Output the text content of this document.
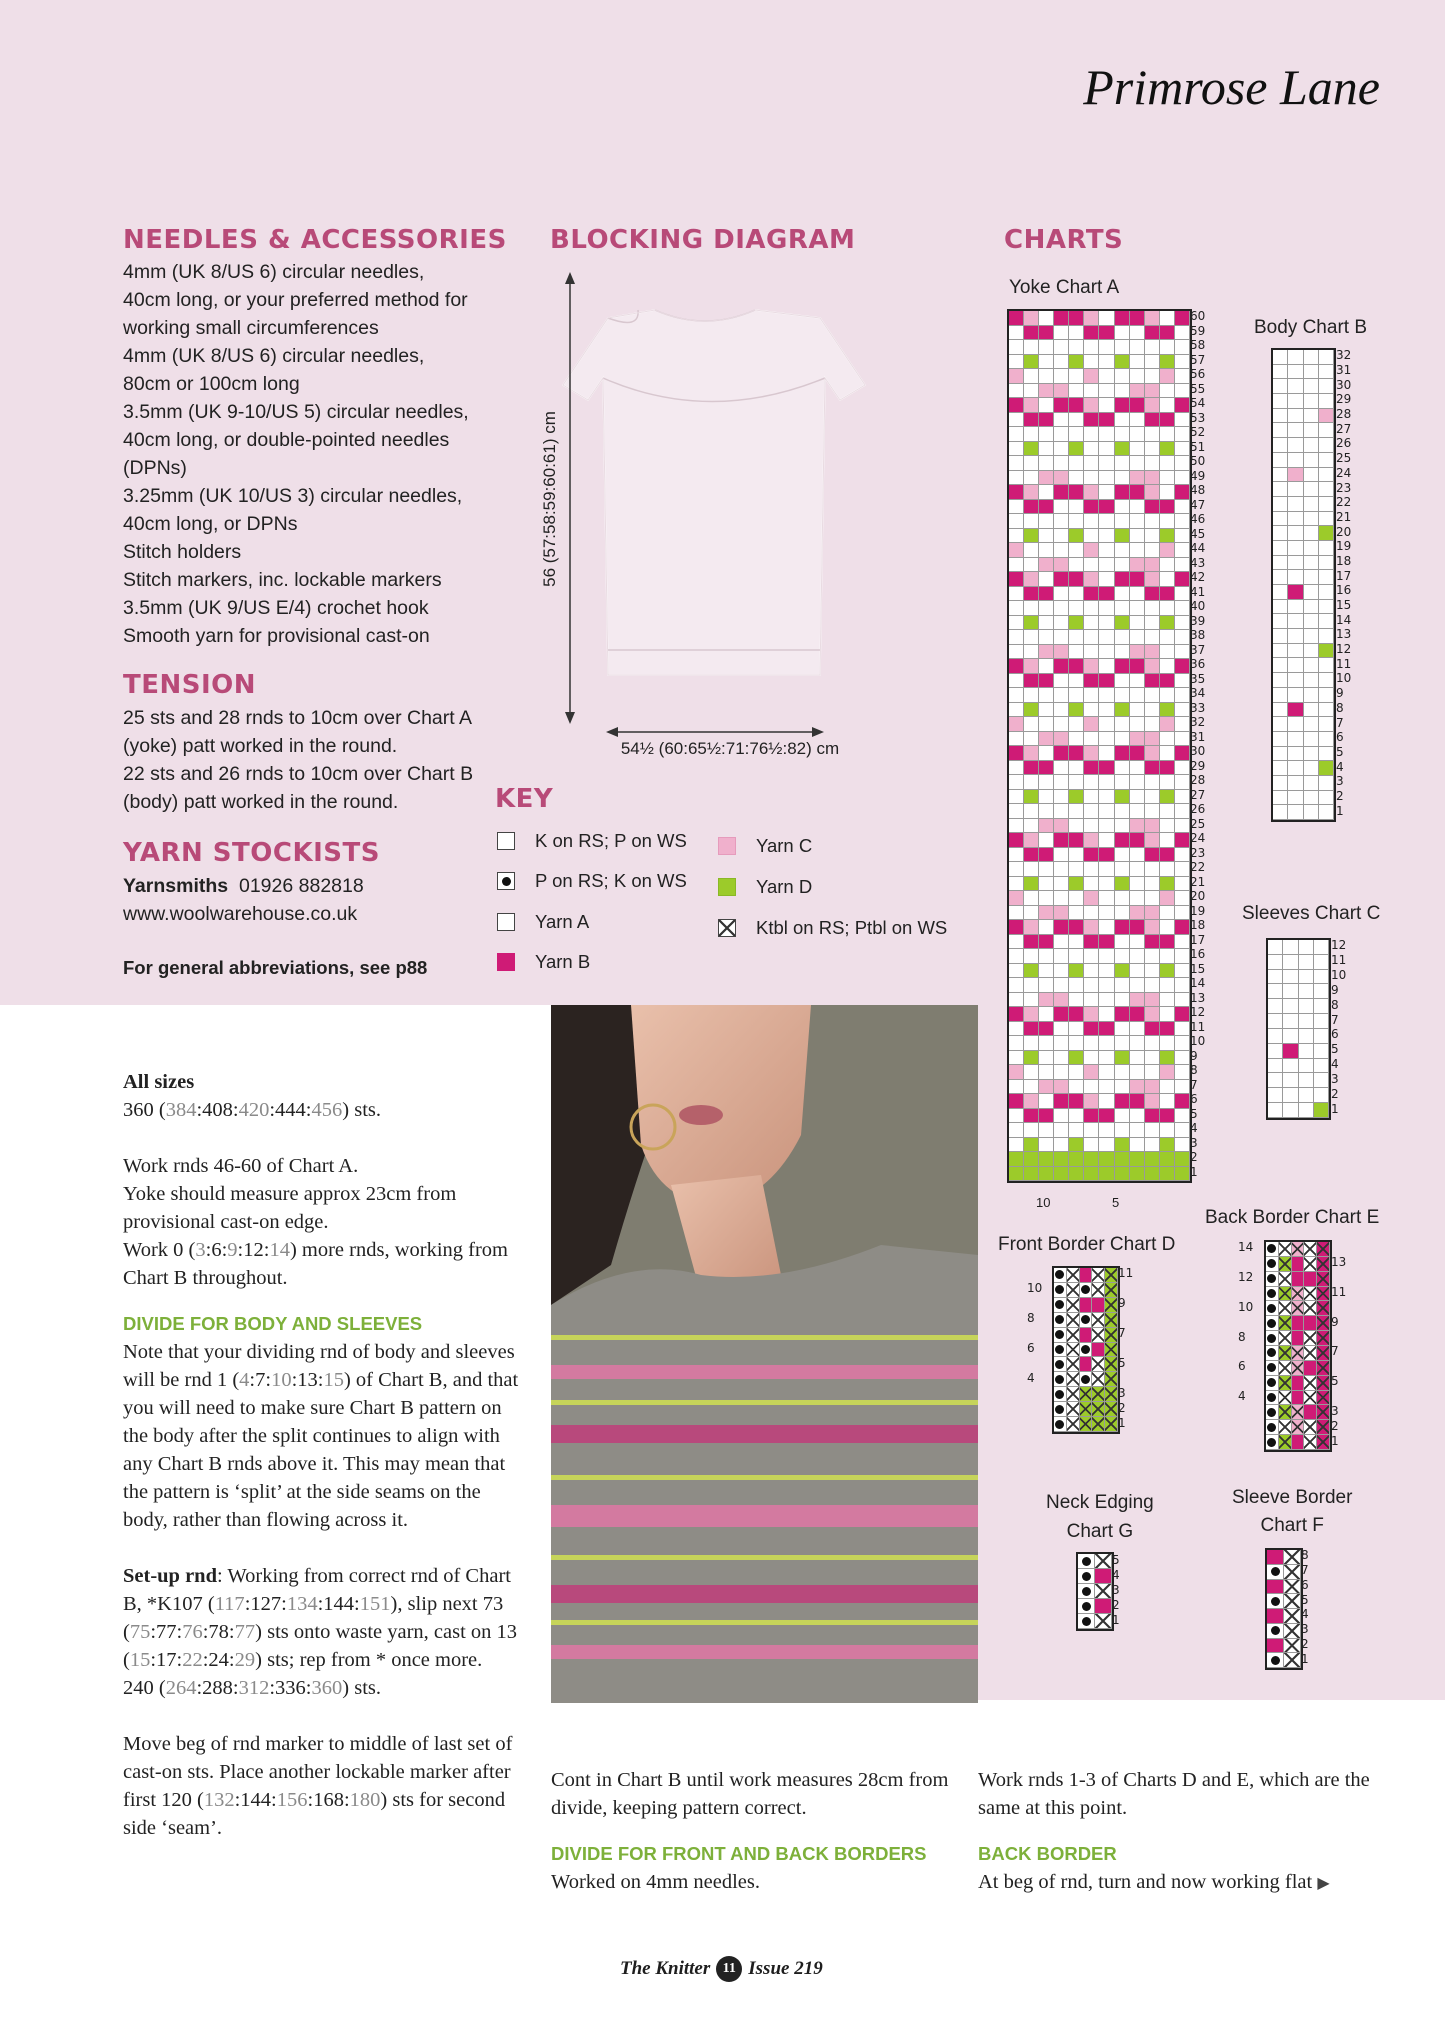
Primrose Lane
NEEDLES & ACCESSORIES
4mm (UK 8/US 6) circular needles,
40cm long, or your preferred method for
working small circumferences
4mm (UK 8/US 6) circular needles,
80cm or 100cm long
3.5mm (UK 9-10/US 5) circular needles,
40cm long, or double-pointed needles
(DPNs)
3.25mm (UK 10/US 3) circular needles,
40cm long, or DPNs
Stitch holders
Stitch markers, inc. lockable markers
3.5mm (UK 9/US E/4) crochet hook
Smooth yarn for provisional cast-on
TENSION
25 sts and 28 rnds to 10cm over Chart A
(yoke) patt worked in the round.
22 sts and 26 rnds to 10cm over Chart B
(body) patt worked in the round.
YARN STOCKISTS
Yarnsmiths 01926 882818
www.woolwarehouse.co.uk
For general abbreviations, see p88
BLOCKING DIAGRAM
56 (57:58:59:60:61) cm
54½ (60:65½:71:76½:82) cm
KEY
K on RS; P on WS
P on RS; K on WS
Yarn A
Yarn B
Yarn C
Yarn D
Ktbl on RS; Ptbl on WS
CHARTS
Yoke Chart A
1
2
3
4
5
6
7
8
9
10
11
12
13
14
15
16
17
18
19
20
21
22
23
24
25
26
27
28
29
30
31
32
33
34
35
36
37
38
39
40
41
42
43
44
45
46
47
48
49
50
51
52
53
54
55
56
57
58
59
60
10	5
Body Chart B
1
2
3
4
5
6
7
8
9
10
11
12
13
14
15
16
17
18
19
20
21
22
23
24
25
26
27
28
29
30
31
32
Sleeves Chart C
1
2
3
4
5
6
7
8
9
10
11
12
Front Border Chart D
10
8
6
4
11
9
7
5
3
2
1
Back Border Chart E
14
12
10
8
6
4
13
11
9
7
5
3
2
1
Neck Edging
Chart G
5
4
3
2
1
Sleeve Border
Chart F
8
7
6
5
4
3
2
1
All sizes
360 (384:408:420:444:456) sts.
Work rnds 46-60 of Chart A.
Yoke should measure approx 23cm from provisional cast-on edge.
Work 0 (3:6:9:12:14) more rnds, working from Chart B throughout.
DIVIDE FOR BODY AND SLEEVES
Note that your dividing rnd of body and sleeves will be rnd 1 (4:7:10:13:15) of Chart B, and that you will need to make sure Chart B pattern on the body after the split continues to align with any Chart B rnds above it. This may mean that the pattern is ‘split’ at the side seams on the body, rather than flowing across it.
Set-up rnd: Working from correct rnd of Chart B, *K107 (117:127:134:144:151), slip next 73 (75:77:76:78:77) sts onto waste yarn, cast on 13 (15:17:22:24:29) sts; rep from * once more.
240 (264:288:312:336:360) sts.
Move beg of rnd marker to middle of last set of cast-on sts. Place another lockable marker after first 120 (132:144:156:168:180) sts for second side ‘seam’.
Cont in Chart B until work measures 28cm from divide, keeping pattern correct.
DIVIDE FOR FRONT AND BACK BORDERS
Worked on 4mm needles.
Work rnds 1-3 of Charts D and E, which are the same at this point.
BACK BORDER
At beg of rnd, turn and now working flat ▶
The Knitter 11 Issue 219
